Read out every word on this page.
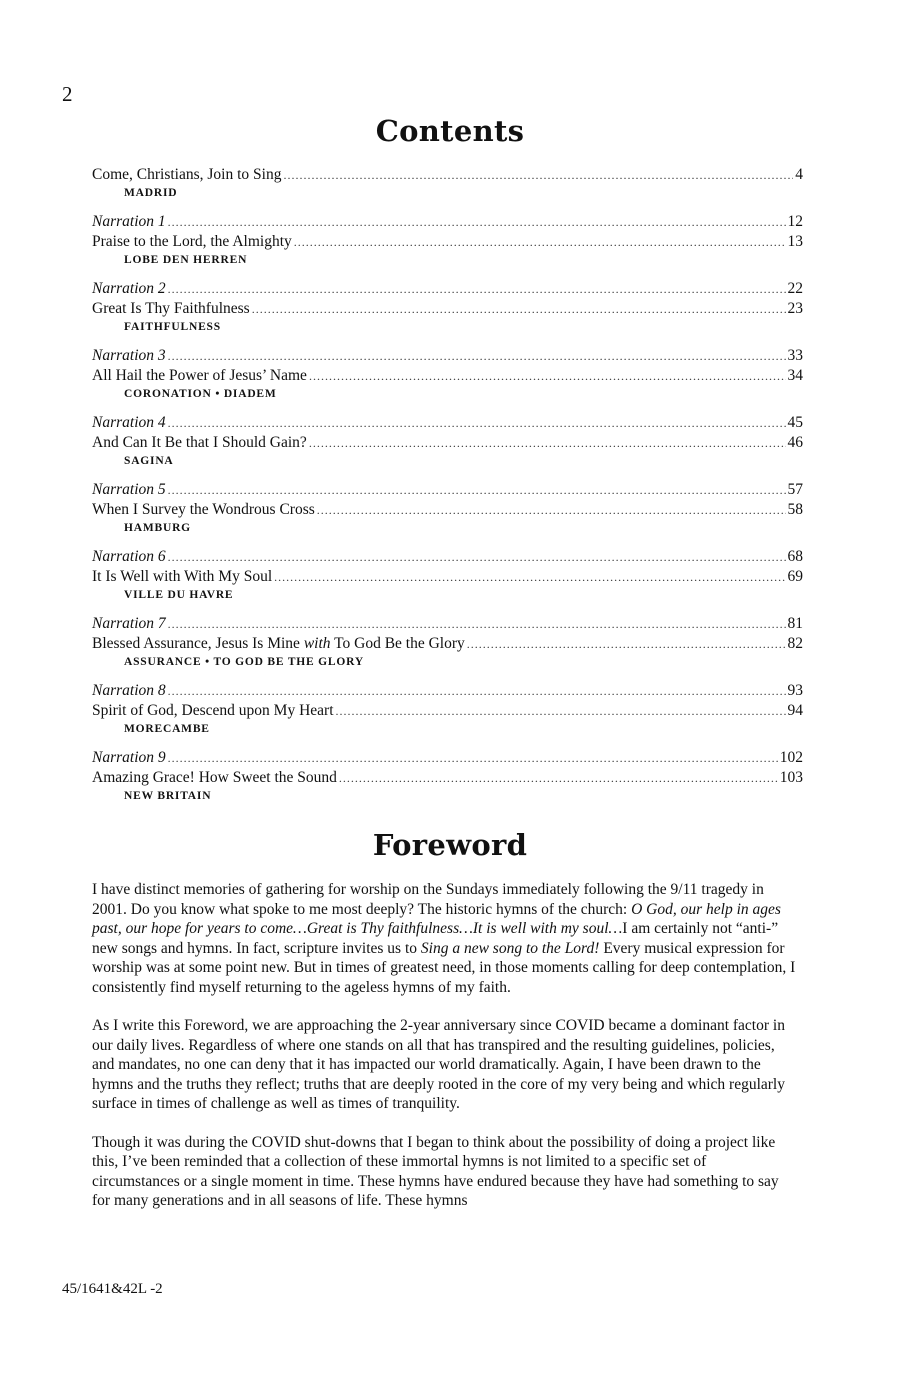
2
Contents
Come, Christians, Join to Sing .....	4
MADRID
Narration 1 .....	12
Praise to the Lord, the Almighty .....	13
LOBE DEN HERREN
Narration 2 .....	22
Great Is Thy Faithfulness .....	23
FAITHFULNESS
Narration 3 .....	33
All Hail the Power of Jesus’ Name .....	34
CORONATION • DIADEM
Narration 4 .....	45
And Can It Be that I Should Gain? .....	46
SAGINA
Narration 5 .....	57
When I Survey the Wondrous Cross .....	58
HAMBURG
Narration 6 .....	68
It Is Well with With My Soul .....	69
VILLE DU HAVRE
Narration 7 .....	81
Blessed Assurance, Jesus Is Mine with To God Be the Glory .....	82
ASSURANCE • TO GOD BE THE GLORY
Narration 8 .....	93
Spirit of God, Descend upon My Heart .....	94
MORECAMBE
Narration 9 .....	102
Amazing Grace! How Sweet the Sound .....	103
NEW BRITAIN
Foreword

I have distinct memories of gathering for worship on the Sundays immediately following the 9/11 tragedy in 2001. Do you know what spoke to me most deeply? The historic hymns of the church: O God, our help in ages past, our hope for years to come…Great is Thy faithfulness…It is well with my soul…I am certainly not “anti-” new songs and hymns. In fact, scripture invites us to Sing a new song to the Lord! Every musical expression for worship was at some point new. But in times of greatest need, in those moments calling for deep contemplation, I consistently find myself returning to the ageless hymns of my faith.

As I write this Foreword, we are approaching the 2-year anniversary since COVID became a dominant factor in our daily lives. Regardless of where one stands on all that has transpired and the resulting guidelines, policies, and mandates, no one can deny that it has impacted our world dramatically. Again, I have been drawn to the hymns and the truths they reflect; truths that are deeply rooted in the core of my very being and which regularly surface in times of challenge as well as times of tranquility.

Though it was during the COVID shut-downs that I began to think about the possibility of doing a project like this, I’ve been reminded that a collection of these immortal hymns is not limited to a specific set of circumstances or a single moment in time. These hymns have endured because they have had something to say for many generations and in all seasons of life. These hymns

45/1641&42L -2
